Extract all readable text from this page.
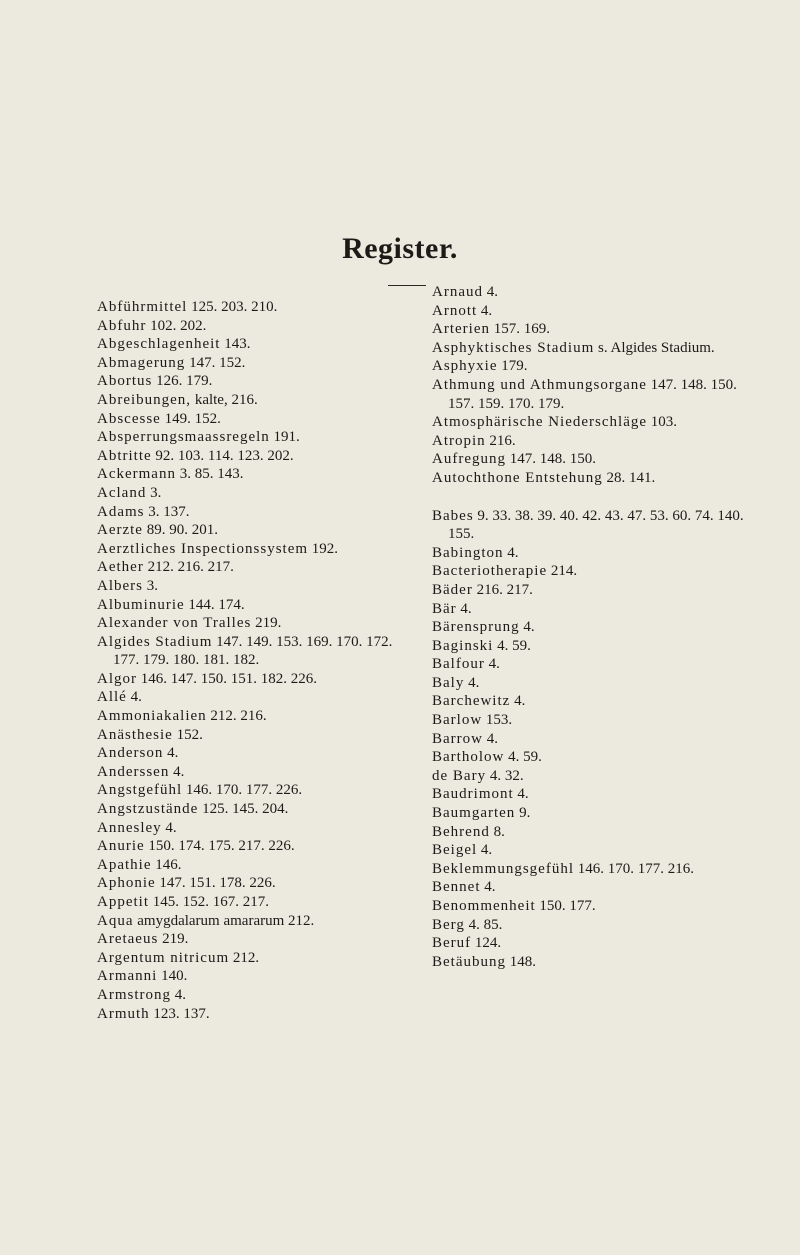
Register.
Abführmittel 125. 203. 210.
Abfuhr 102. 202.
Abgeschlagenheit 143.
Abmagerung 147. 152.
Abortus 126. 179.
Abreibungen, kalte, 216.
Abscesse 149. 152.
Absperrungsmaassregeln 191.
Abtritte 92. 103. 114. 123. 202.
Ackermann 3. 85. 143.
Acland 3.
Adams 3. 137.
Aerzte 89. 90. 201.
Aerztliches Inspectionssystem 192.
Aether 212. 216. 217.
Albers 3.
Albuminurie 144. 174.
Alexander von Tralles 219.
Algides Stadium 147. 149. 153. 169. 170. 172. 177. 179. 180. 181. 182.
Algor 146. 147. 150. 151. 182. 226.
Allé 4.
Ammoniakalien 212. 216.
Anästhesie 152.
Anderson 4.
Anderssen 4.
Angstgefühl 146. 170. 177. 226.
Angstzustände 125. 145. 204.
Annesley 4.
Anurie 150. 174. 175. 217. 226.
Apathie 146.
Aphonie 147. 151. 178. 226.
Appetit 145. 152. 167. 217.
Aqua amygdalarum amararum 212.
Aretaeus 219.
Argentum nitricum 212.
Armanni 140.
Armstrong 4.
Armuth 123. 137.
Arnaud 4.
Arnott 4.
Arterien 157. 169.
Asphyktisches Stadium s. Algides Stadium.
Asphyxie 179.
Athmung und Athmungsorgane 147. 148. 150. 157. 159. 170. 179.
Atmosphärische Niederschläge 103.
Atropin 216.
Aufregung 147. 148. 150.
Autochthone Entstehung 28. 141.
Babes 9. 33. 38. 39. 40. 42. 43. 47. 53. 60. 74. 140. 155.
Babington 4.
Bacteriotherapie 214.
Bäder 216. 217.
Bär 4.
Bärensprung 4.
Baginski 4. 59.
Balfour 4.
Baly 4.
Barchewitz 4.
Barlow 153.
Barrow 4.
Bartholow 4. 59.
de Bary 4. 32.
Baudrimont 4.
Baumgarten 9.
Behrend 8.
Beigel 4.
Beklemmungsgefühl 146. 170. 177. 216.
Bennet 4.
Benommenheit 150. 177.
Berg 4. 85.
Beruf 124.
Betäubung 148.
